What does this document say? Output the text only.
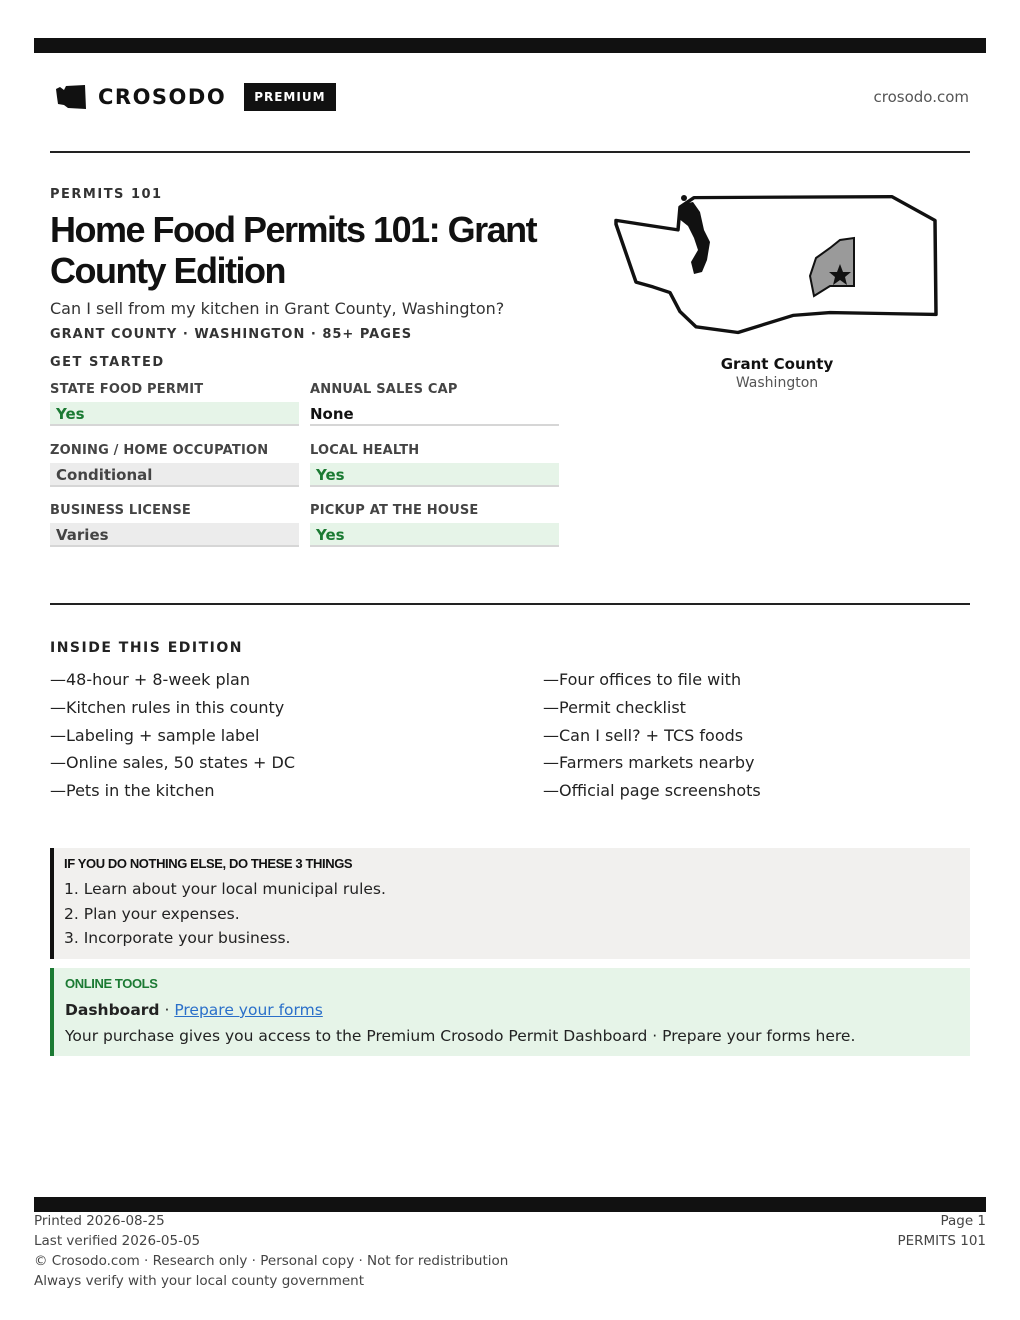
CROSODO	PREMIUM	crosodo.com
PERMITS 101
Home Food Permits 101: Grant County Edition
Can I sell from my kitchen in Grant County, Washington?
GRANT COUNTY · WASHINGTON · 85+ PAGES
GET STARTED
STATE FOOD PERMIT
Yes
ANNUAL SALES CAP
None
ZONING / HOME OCCUPATION
Conditional
LOCAL HEALTH
Yes
BUSINESS LICENSE
Varies
PICKUP AT THE HOUSE
Yes
Grant County
Washington
INSIDE THIS EDITION
—48-hour + 8-week plan
—Kitchen rules in this county
—Labeling + sample label
—Online sales, 50 states + DC
—Pets in the kitchen
—Four offices to file with
—Permit checklist
—Can I sell? + TCS foods
—Farmers markets nearby
—Official page screenshots
IF YOU DO NOTHING ELSE, DO THESE 3 THINGS
1. Learn about your local municipal rules.
2. Plan your expenses.
3. Incorporate your business.
ONLINE TOOLS
Dashboard · Prepare your forms
Your purchase gives you access to the Premium Crosodo Permit Dashboard · Prepare your forms here.
Printed 2026-08-25
Last verified 2026-05-05
© Crosodo.com · Research only · Personal copy · Not for redistribution
Always verify with your local county government
Page 1
PERMITS 101
